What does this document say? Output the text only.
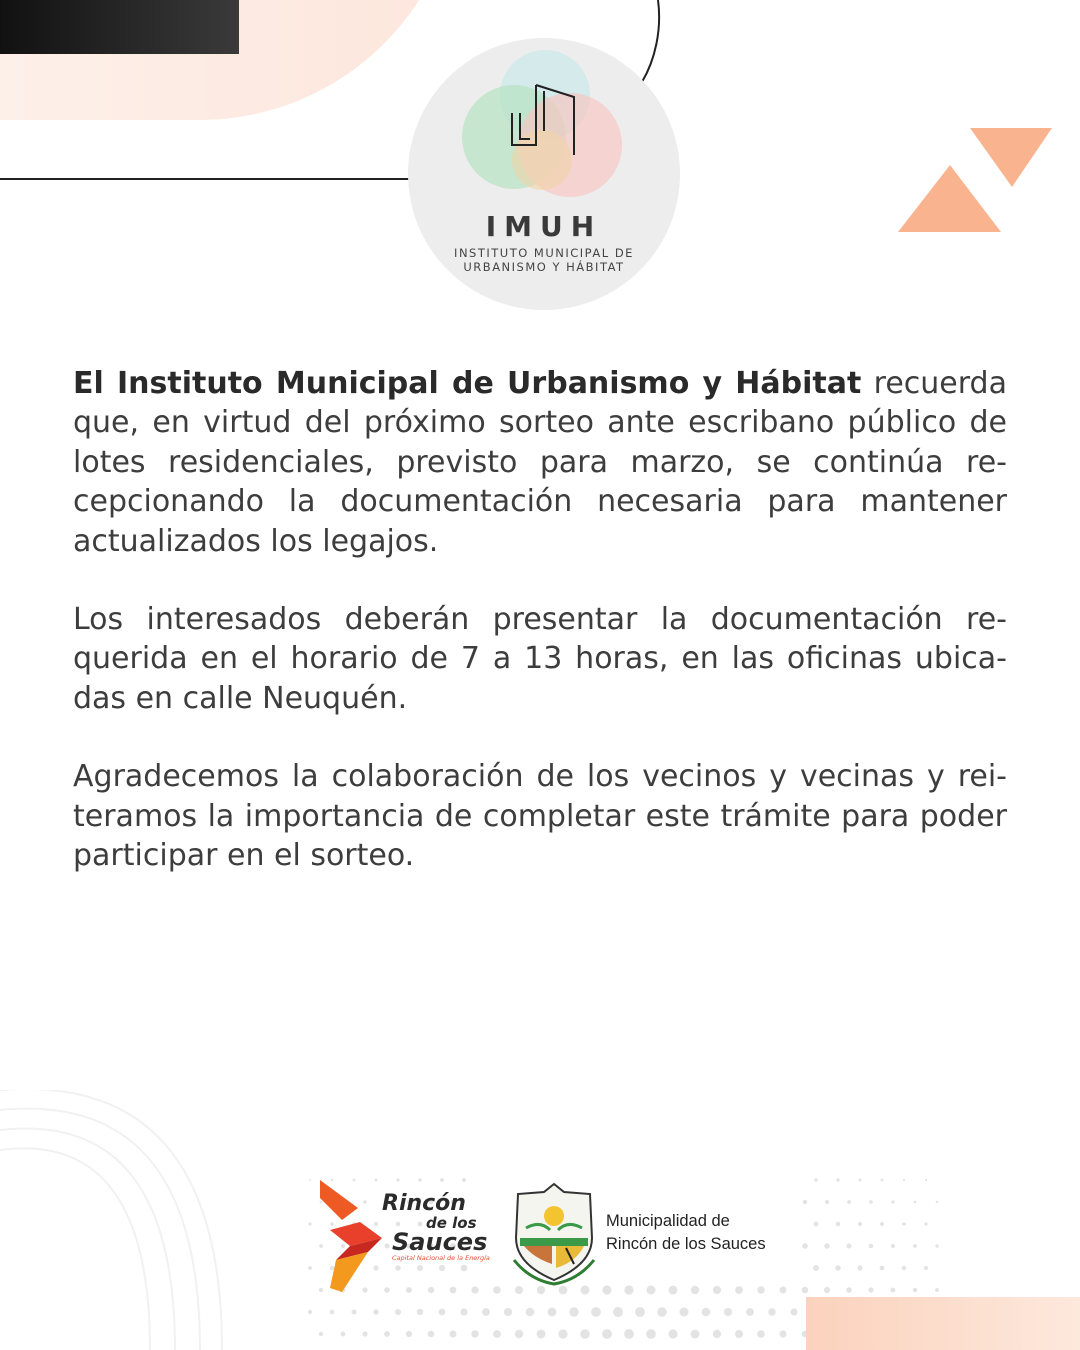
IMUH
INSTITUTO MUNICIPAL DE
URBANISMO Y HÁBITAT

El Instituto Municipal de Urbanismo y Hábitat recuerda que, en virtud del próximo sorteo ante escribano público de lotes residenciales, previsto para marzo, se continúa recepcionando la documentación necesaria para mantener actualizados los legajos.

Los interesados deberán presentar la documentación requerida en el horario de 7 a 13 horas, en las oficinas ubicadas en calle Neuquén.

Agradecemos la colaboración de los vecinos y vecinas y reiteramos la importancia de completar este trámite para poder participar en el sorteo.

Rincón
de los
Sauces
Capital Nacional de la Energía
Municipalidad de
Rincón de los Sauces
